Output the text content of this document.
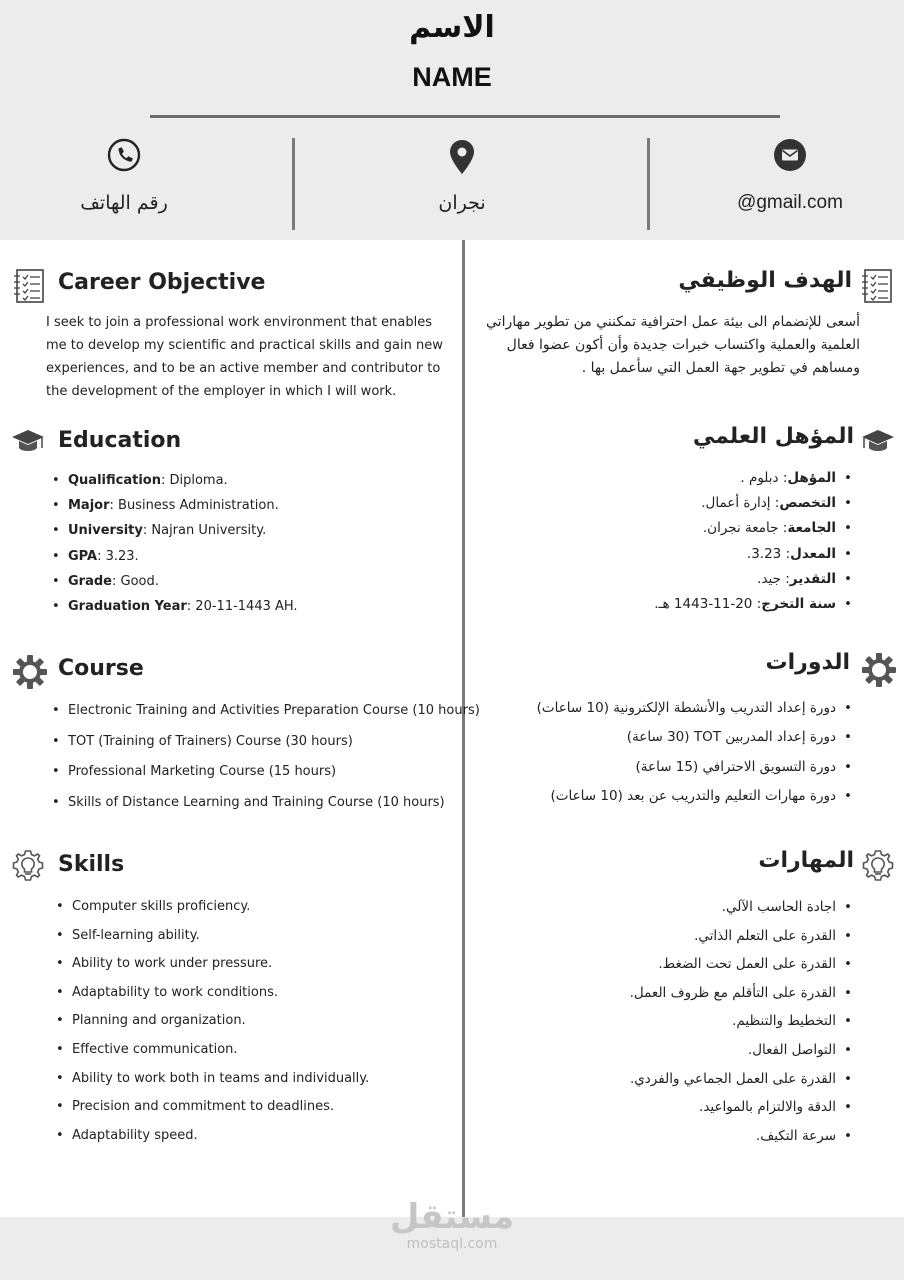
الاسم
NAME
رقم الهاتف	نجران	@gmail.com
Career Objective
I seek to join a professional work environment that enables me to develop my scientific and practical skills and gain new experiences, and to be an active member and contributor to the development of the employer in which I will work.
الهدف الوظيفي
أسعى للإنضمام الى بيئة عمل احترافية تمكنني من تطوير مهاراتي العلمية والعملية واكتساب خبرات جديدة وأن أكون عضوا فعال ومساهم في تطوير جهة العمل التي سأعمل بها .
Education
• Qualification: Diploma.
• Major: Business Administration.
• University: Najran University.
• GPA: 3.23.
• Grade: Good.
• Graduation Year: 20-11-1443 AH.
المؤهل العلمي
• المؤهل: دبلوم .
• التخصص: إدارة أعمال.
• الجامعة: جامعة نجران.
• المعدل: 3.23.
• التقدير: جيد.
• سنة التخرج: 20-11-1443 هـ.
Course
• Electronic Training and Activities Preparation Course (10 hours)
• TOT (Training of Trainers) Course (30 hours)
• Professional Marketing Course (15 hours)
• Skills of Distance Learning and Training Course (10 hours)
الدورات
• دورة إعداد التدريب والأنشطة الإلكترونية (10 ساعات)
• دورة إعداد المدربين TOT (30 ساعة)
• دورة التسويق الاحترافي (15 ساعة)
• دورة مهارات التعليم والتدريب عن بعد (10 ساعات)
Skills
• Computer skills proficiency.
• Self-learning ability.
• Ability to work under pressure.
• Adaptability to work conditions.
• Planning and organization.
• Effective communication.
• Ability to work both in teams and individually.
• Precision and commitment to deadlines.
• Adaptability speed.
المهارات
• اجادة الحاسب الآلي.
• القدرة على التعلم الذاتي.
• القدرة على العمل تحت الضغط.
• القدرة على التأقلم مع ظروف العمل.
• التخطيط والتنظيم.
• التواصل الفعال.
• القدرة على العمل الجماعي والفردي.
• الدقة والالتزام بالمواعيد.
• سرعة التكيف.
مستقل
mostaql.com
